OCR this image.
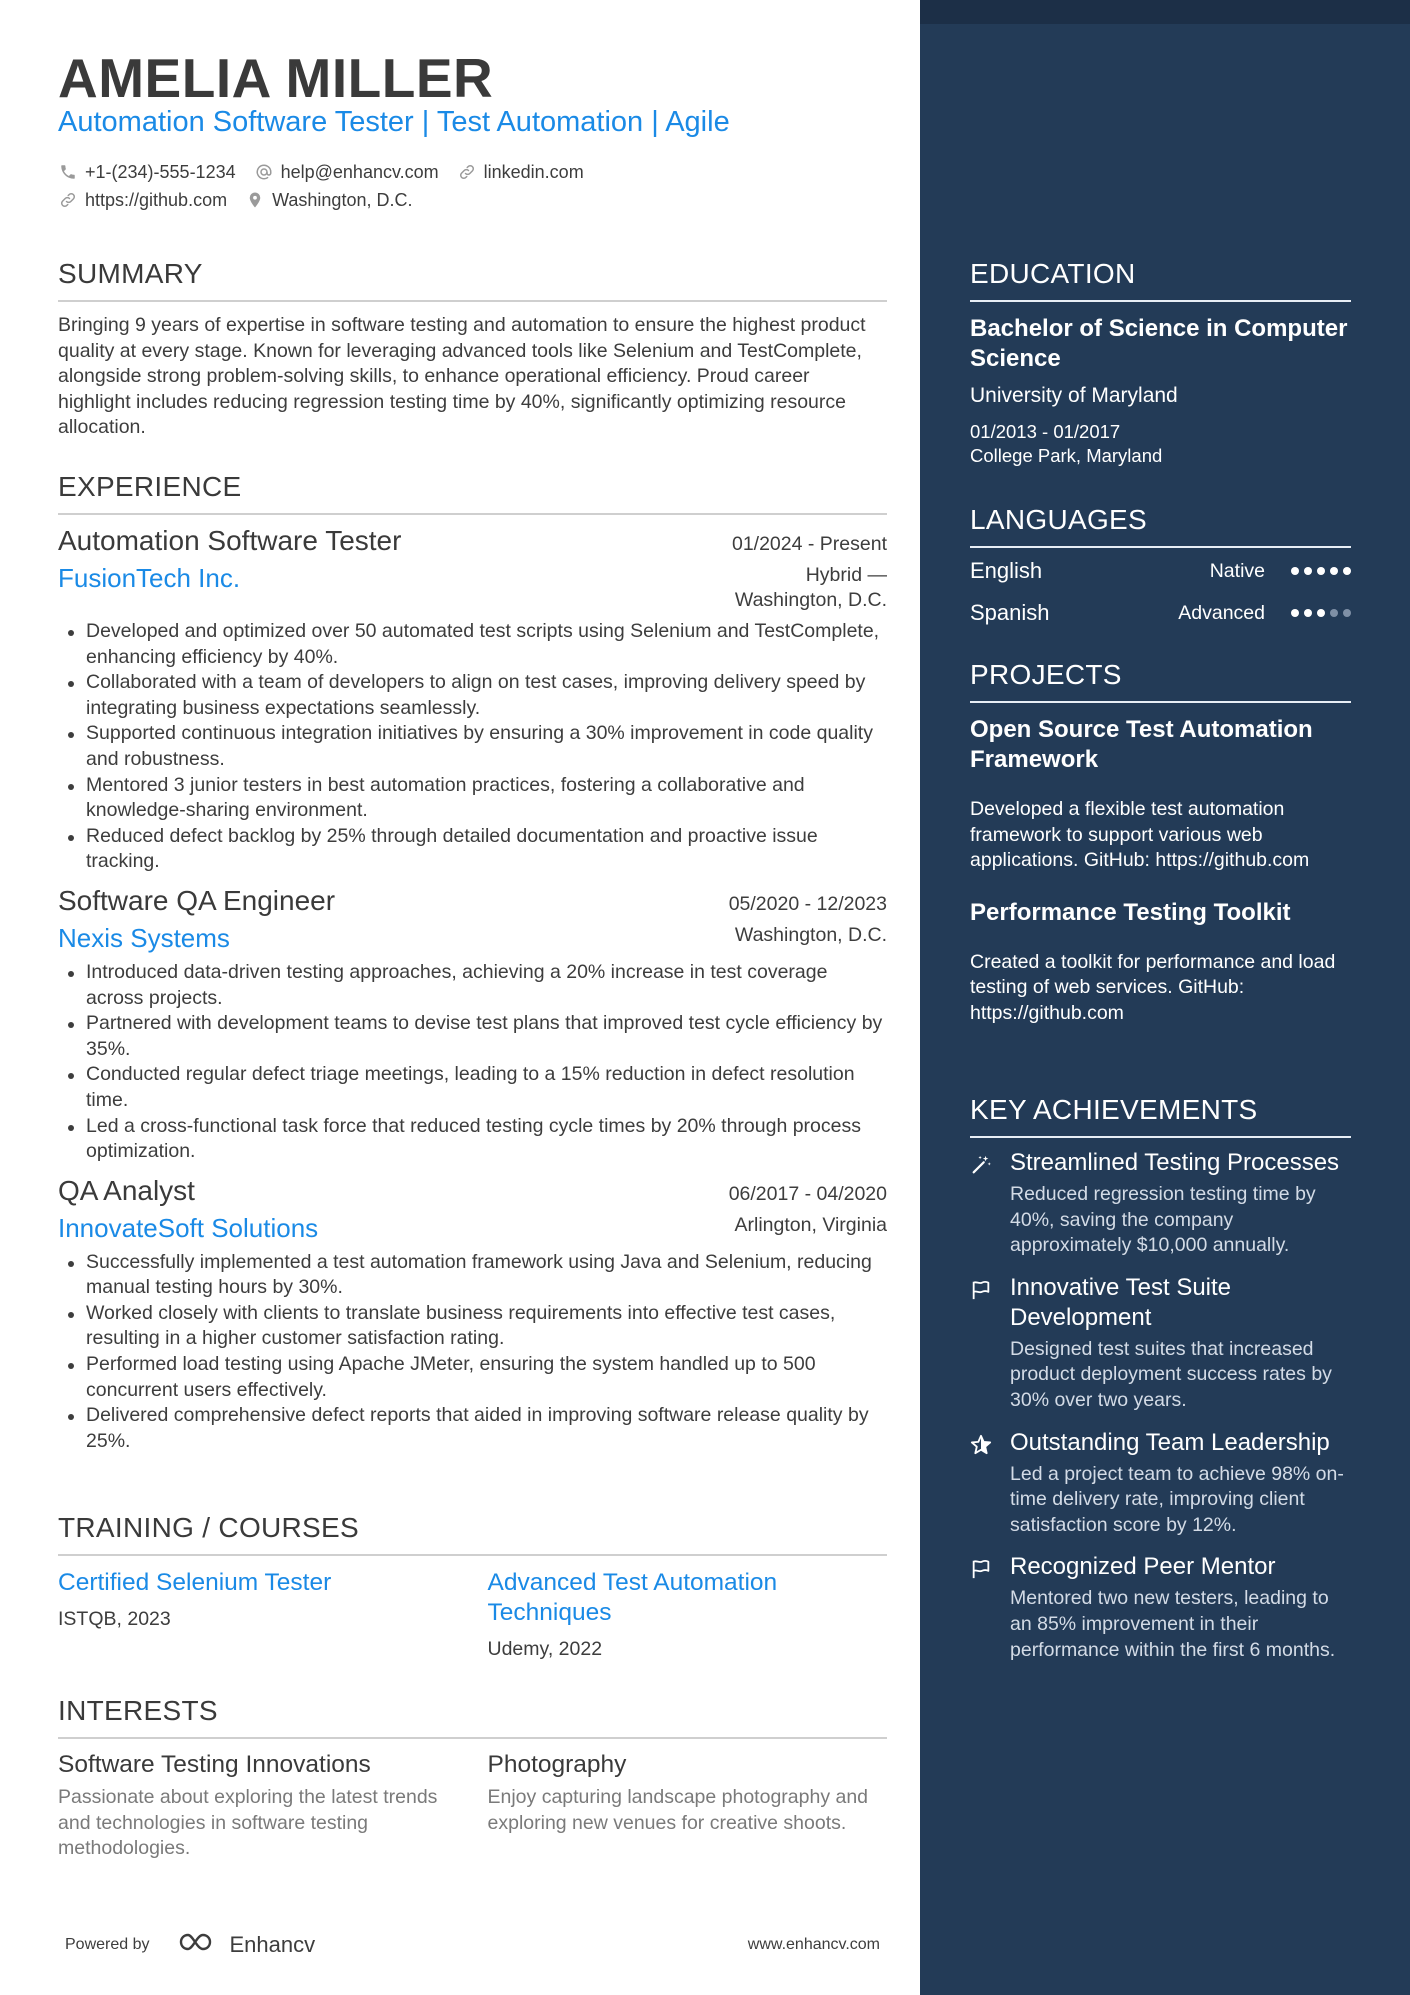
AMELIA MILLER
Automation Software Tester | Test Automation | Agile
+1-(234)-555-1234	help@enhancv.com	linkedin.com
https://github.com	Washington, D.C.
SUMMARY
Bringing 9 years of expertise in software testing and automation to ensure the highest product quality at every stage. Known for leveraging advanced tools like Selenium and TestComplete, alongside strong problem-solving skills, to enhance operational efficiency. Proud career highlight includes reducing regression testing time by 40%, significantly optimizing resource allocation.
EXPERIENCE
Automation Software Tester	01/2024 - Present
FusionTech Inc.	Hybrid —
Washington, D.C.
Developed and optimized over 50 automated test scripts using Selenium and TestComplete, enhancing efficiency by 40%.
Collaborated with a team of developers to align on test cases, improving delivery speed by integrating business expectations seamlessly.
Supported continuous integration initiatives by ensuring a 30% improvement in code quality and robustness.
Mentored 3 junior testers in best automation practices, fostering a collaborative and knowledge-sharing environment.
Reduced defect backlog by 25% through detailed documentation and proactive issue tracking.
Software QA Engineer	05/2020 - 12/2023
Nexis Systems	Washington, D.C.
Introduced data-driven testing approaches, achieving a 20% increase in test coverage across projects.
Partnered with development teams to devise test plans that improved test cycle efficiency by 35%.
Conducted regular defect triage meetings, leading to a 15% reduction in defect resolution time.
Led a cross-functional task force that reduced testing cycle times by 20% through process optimization.
QA Analyst	06/2017 - 04/2020
InnovateSoft Solutions	Arlington, Virginia
Successfully implemented a test automation framework using Java and Selenium, reducing manual testing hours by 30%.
Worked closely with clients to translate business requirements into effective test cases, resulting in a higher customer satisfaction rating.
Performed load testing using Apache JMeter, ensuring the system handled up to 500 concurrent users effectively.
Delivered comprehensive defect reports that aided in improving software release quality by 25%.
TRAINING / COURSES
Certified Selenium Tester
ISTQB, 2023
Advanced Test Automation Techniques
Udemy, 2022
INTERESTS
Software Testing Innovations
Passionate about exploring the latest trends and technologies in software testing methodologies.
Photography
Enjoy capturing landscape photography and exploring new venues for creative shoots.
Powered by	Enhancv	www.enhancv.com
EDUCATION
Bachelor of Science in Computer Science
University of Maryland
01/2013 - 01/2017
College Park, Maryland
LANGUAGES
English	Native
Spanish	Advanced
PROJECTS
Open Source Test Automation Framework
Developed a flexible test automation framework to support various web applications. GitHub: https://github.com
Performance Testing Toolkit
Created a toolkit for performance and load testing of web services. GitHub: https://github.com
KEY ACHIEVEMENTS
Streamlined Testing Processes
Reduced regression testing time by 40%, saving the company approximately $10,000 annually.
Innovative Test Suite Development
Designed test suites that increased product deployment success rates by 30% over two years.
Outstanding Team Leadership
Led a project team to achieve 98% on-time delivery rate, improving client satisfaction score by 12%.
Recognized Peer Mentor
Mentored two new testers, leading to an 85% improvement in their performance within the first 6 months.
